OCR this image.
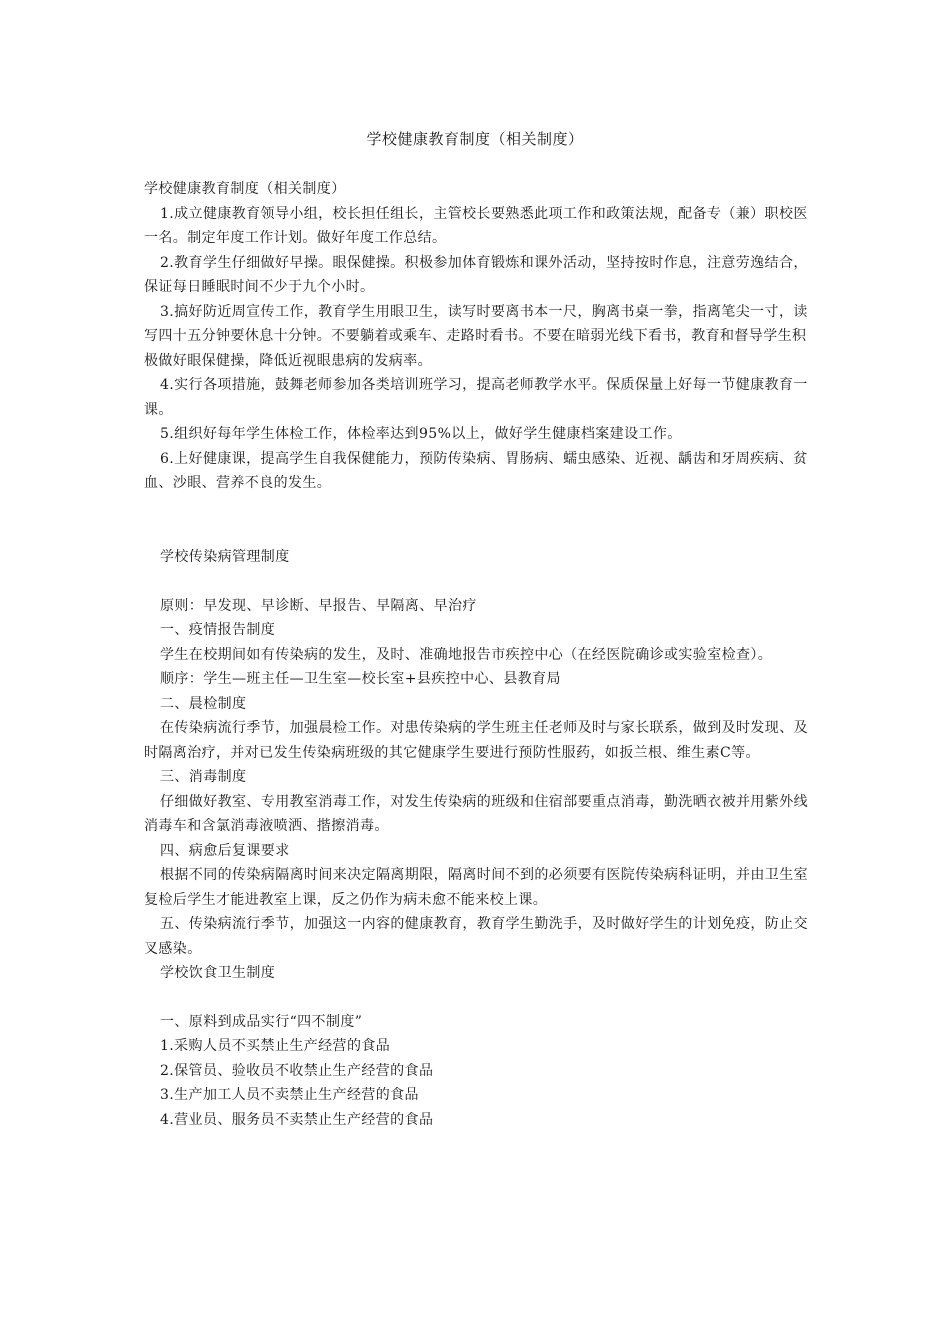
学校健康教育制度（相关制度）

学校健康教育制度（相关制度）

1.成立健康教育领导小组，校长担任组长，主管校长要熟悉此项工作和政策法规，配备专（兼）职校医一名。制定年度工作计划。做好年度工作总结。

2.教育学生仔细做好早操。眼保健操。积极参加体育锻炼和课外活动，坚持按时作息，注意劳逸结合，保证每日睡眠时间不少于九个小时。

3.搞好防近周宣传工作，教育学生用眼卫生，读写时要离书本一尺，胸离书桌一拳，指离笔尖一寸，读写四十五分钟要休息十分钟。不要躺着或乘车、走路时看书。不要在暗弱光线下看书，教育和督导学生积极做好眼保健操，降低近视眼患病的发病率。

4.实行各项措施，鼓舞老师参加各类培训班学习，提高老师教学水平。保质保量上好每一节健康教育一课。

5.组织好每年学生体检工作，体检率达到95%以上，做好学生健康档案建设工作。

6.上好健康课，提高学生自我保健能力，预防传染病、胃肠病、蠕虫感染、近视、龋齿和牙周疾病、贫血、沙眼、营养不良的发生。

学校传染病管理制度

原则：早发现、早诊断、早报告、早隔离、早治疗

一、疫情报告制度

学生在校期间如有传染病的发生，及时、准确地报告市疾控中心（在经医院确诊或实验室检查）。

顺序：学生—班主任—卫生室—校长室+县疾控中心、县教育局

二、晨检制度

在传染病流行季节，加强晨检工作。对患传染病的学生班主任老师及时与家长联系，做到及时发现、及时隔离治疗，并对已发生传染病班级的其它健康学生要进行预防性服药，如扳兰根、维生素C等。

三、消毒制度

仔细做好教室、专用教室消毒工作，对发生传染病的班级和住宿部要重点消毒，勤洗晒衣被并用紫外线消毒车和含氯消毒液喷洒、揩擦消毒。

四、病愈后复课要求

根据不同的传染病隔离时间来决定隔离期限，隔离时间不到的必须要有医院传染病科证明，并由卫生室复检后学生才能进教室上课，反之仍作为病未愈不能来校上课。

五、传染病流行季节，加强这一内容的健康教育，教育学生勤洗手，及时做好学生的计划免疫，防止交叉感染。

学校饮食卫生制度

一、原料到成品实行“四不制度”

1.采购人员不买禁止生产经营的食品

2.保管员、验收员不收禁止生产经营的食品

3.生产加工人员不卖禁止生产经营的食品

4.营业员、服务员不卖禁止生产经营的食品
